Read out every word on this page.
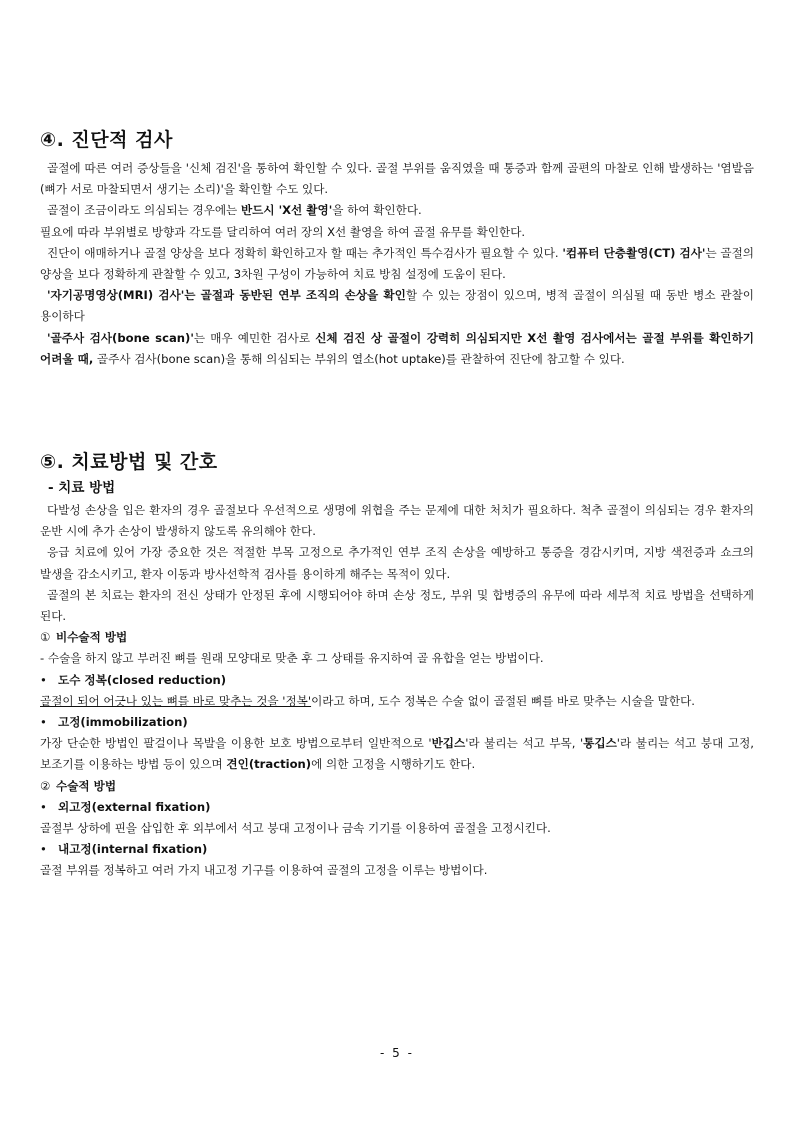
④. 진단적 검사

골절에 따른 여러 증상들을 '신체 검진'을 통하여 확인할 수 있다. 골절 부위를 움직였을 때 통증과 함께 골편의 마찰로 인해 발생하는 '염발음(뼈가 서로 마찰되면서 생기는 소리)'을 확인할 수도 있다.

골절이 조금이라도 의심되는 경우에는 반드시 'X선 촬영'을 하여 확인한다.

필요에 따라 부위별로 방향과 각도를 달리하여 여러 장의 X선 촬영을 하여 골절 유무를 확인한다.

진단이 애매하거나 골절 양상을 보다 정확히 확인하고자 할 때는 추가적인 특수검사가 필요할 수 있다. '컴퓨터 단층촬영(CT) 검사'는 골절의 양상을 보다 정확하게 관찰할 수 있고, 3차원 구성이 가능하여 치료 방침 설정에 도움이 된다.

'자기공명영상(MRI) 검사'는 골절과 동반된 연부 조직의 손상을 확인할 수 있는 장점이 있으며, 병적 골절이 의심될 때 동반 병소 관찰이 용이하다

'골주사 검사(bone scan)'는 매우 예민한 검사로 신체 검진 상 골절이 강력히 의심되지만 X선 촬영 검사에서는 골절 부위를 확인하기 어려울 때, 골주사 검사(bone scan)을 통해 의심되는 부위의 열소(hot uptake)를 관찰하여 진단에 참고할 수 있다.

⑤. 치료방법 및 간호

- 치료 방법

다발성 손상을 입은 환자의 경우 골절보다 우선적으로 생명에 위협을 주는 문제에 대한 처치가 필요하다. 척추 골절이 의심되는 경우 환자의 운반 시에 추가 손상이 발생하지 않도록 유의해야 한다.

응급 치료에 있어 가장 중요한 것은 적절한 부목 고정으로 추가적인 연부 조직 손상을 예방하고 통증을 경감시키며, 지방 색전증과 쇼크의 발생을 감소시키고, 환자 이동과 방사선학적 검사를 용이하게 해주는 목적이 있다.

골절의 본 치료는 환자의 전신 상태가 안정된 후에 시행되어야 하며 손상 정도, 부위 및 합병증의 유무에 따라 세부적 치료 방법을 선택하게 된다.

① 비수술적 방법

- 수술을 하지 않고 부러진 뼈를 원래 모양대로 맞춘 후 그 상태를 유지하여 골 유합을 얻는 방법이다.

• 도수 정복(closed reduction)

골절이 되어 어긋나 있는 뼈를 바로 맞추는 것을 '정복'이라고 하며, 도수 정복은 수술 없이 골절된 뼈를 바로 맞추는 시술을 말한다.

• 고정(immobilization)

가장 단순한 방법인 팔걸이나 목발을 이용한 보호 방법으로부터 일반적으로 '반깁스'라 불리는 석고 부목, '통깁스'라 불리는 석고 붕대 고정, 보조기를 이용하는 방법 등이 있으며 견인(traction)에 의한 고정을 시행하기도 한다.

② 수술적 방법

• 외고정(external fixation)

골절부 상하에 핀을 삽입한 후 외부에서 석고 붕대 고정이나 금속 기기를 이용하여 골절을 고정시킨다.

• 내고정(internal fixation)

골절 부위를 정복하고 여러 가지 내고정 기구를 이용하여 골절의 고정을 이루는 방법이다.

- 5 -
